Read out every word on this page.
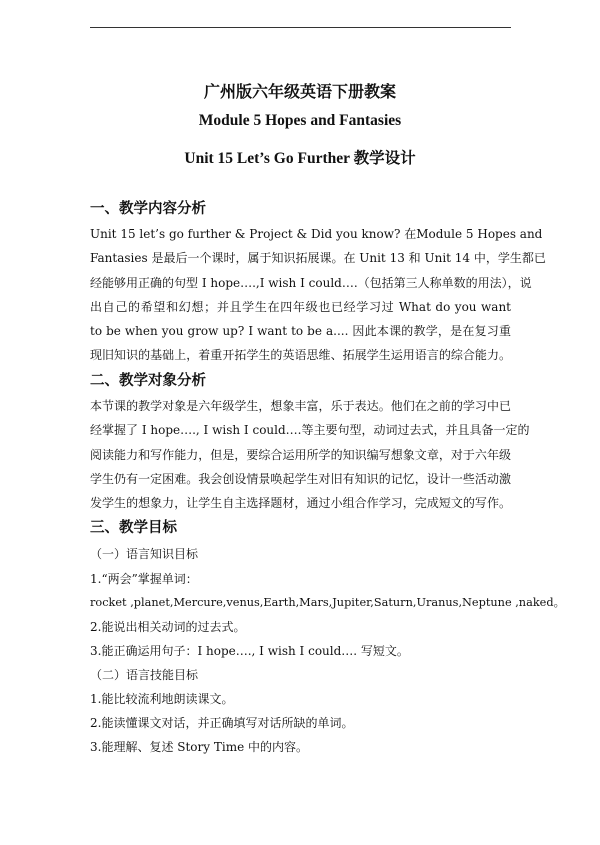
广州版六年级英语下册教案
Module 5 Hopes and Fantasies
Unit 15 Let’s Go Further 教学设计
一、教学内容分析
Unit 15 let’s go further & Project & Did you know? 在Module 5 Hopes and
Fantasies 是最后一个课时，属于知识拓展课。在 Unit 13 和 Unit 14 中，学生都已
经能够用正确的句型 I hope….,I wish I could….（包括第三人称单数的用法），说
出自己的希望和幻想；并且学生在四年级也已经学习过 What do you want
to be when you grow up? I want to be a.... 因此本课的教学，是在复习重
现旧知识的基础上，着重开拓学生的英语思维、拓展学生运用语言的综合能力。
二、教学对象分析
本节课的教学对象是六年级学生，想象丰富，乐于表达。他们在之前的学习中已
经掌握了 I hope…., I wish I could….等主要句型，动词过去式，并且具备一定的
阅读能力和写作能力，但是，要综合运用所学的知识编写想象文章，对于六年级
学生仍有一定困难。我会创设情景唤起学生对旧有知识的记忆，设计一些活动激
发学生的想象力，让学生自主选择题材，通过小组合作学习，完成短文的写作。
三、教学目标
（一）语言知识目标
1.“两会”掌握单词：
rocket ,planet,Mercure,venus,Earth,Mars,Jupiter,Saturn,Uranus,Neptune ,naked。
2.能说出相关动词的过去式。
3.能正确运用句子：I hope…., I wish I could…. 写短文。
（二）语言技能目标
1.能比较流利地朗读课文。
2.能读懂课文对话，并正确填写对话所缺的单词。
3.能理解、复述 Story Time 中的内容。
